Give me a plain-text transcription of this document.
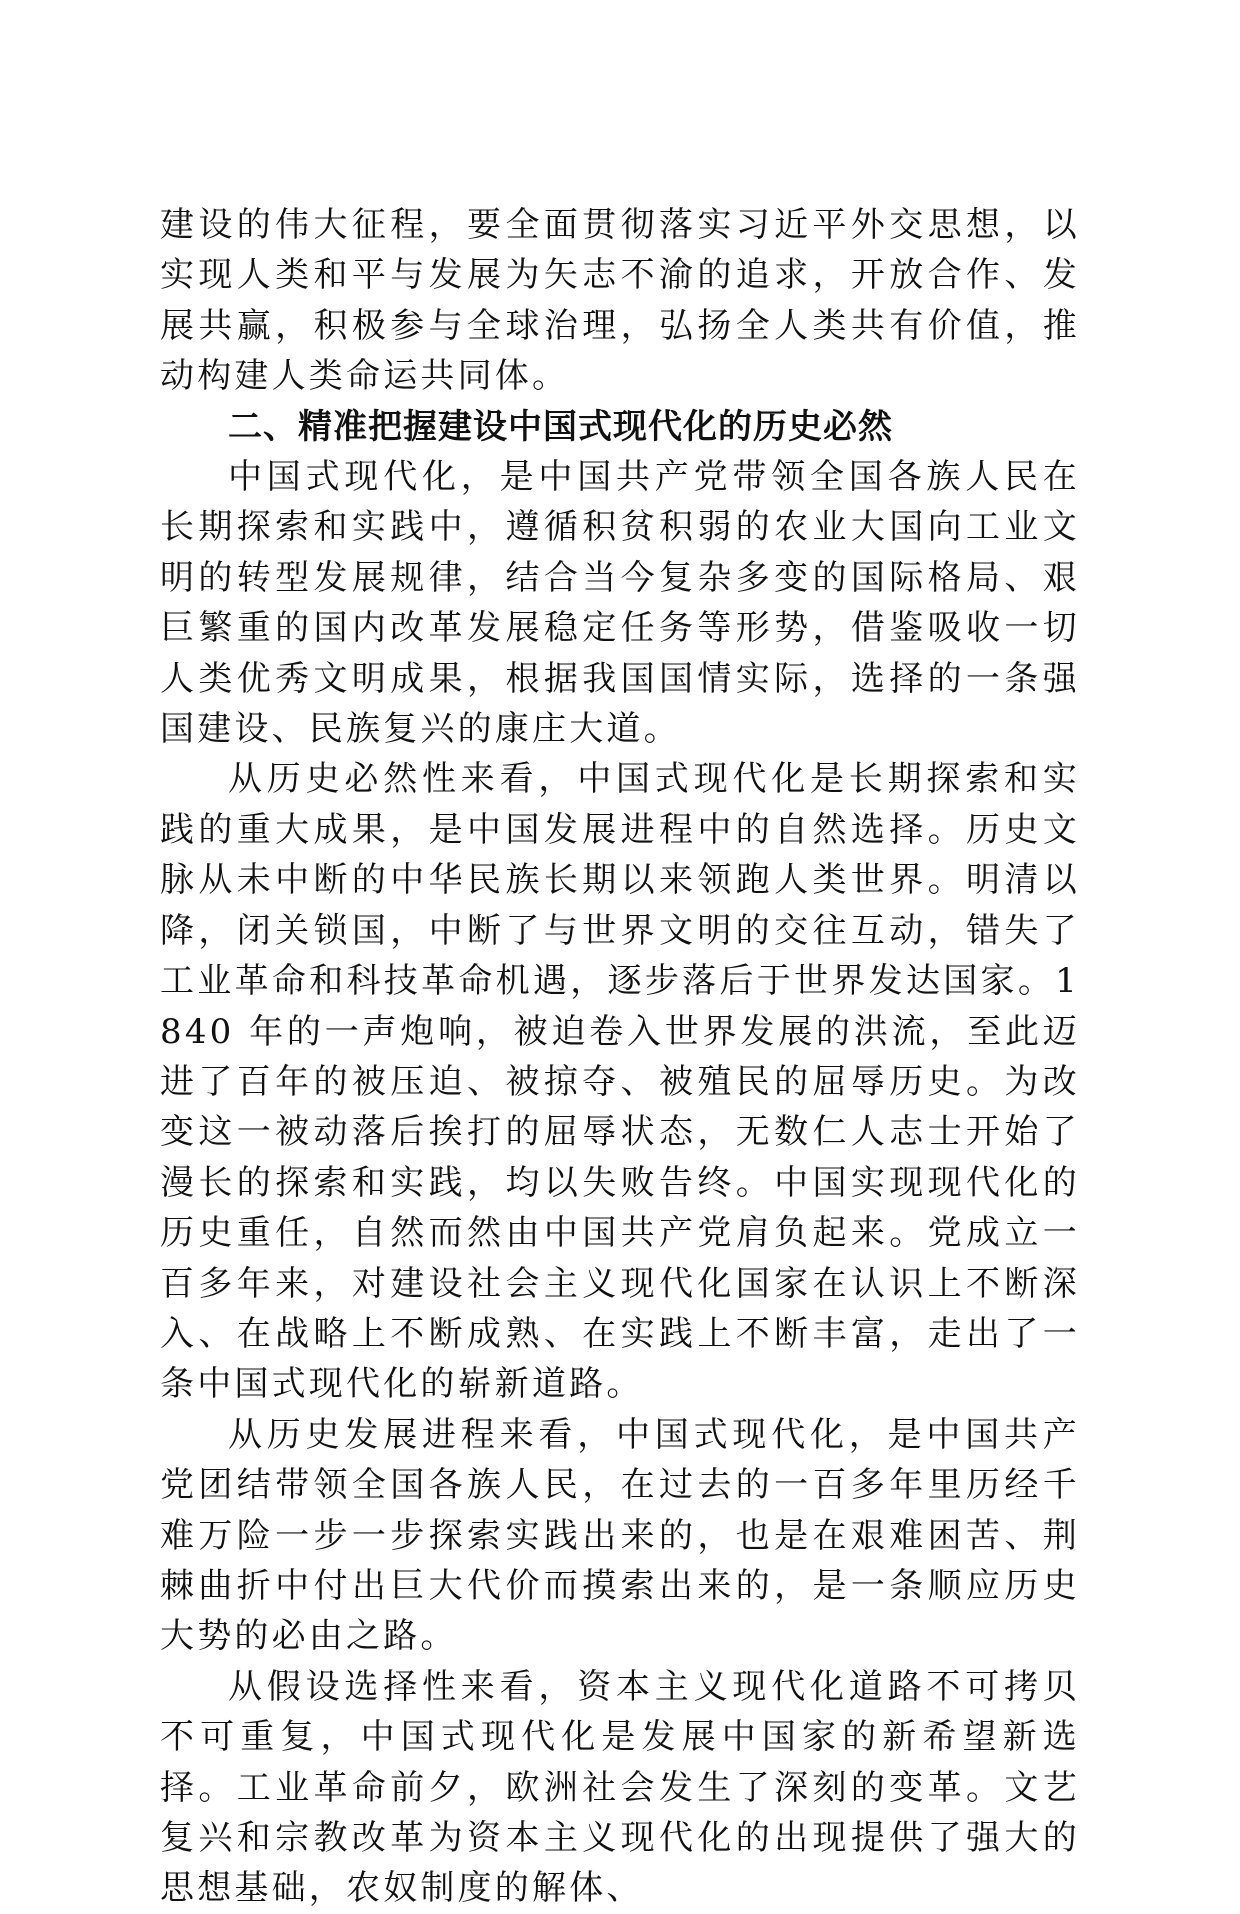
建设的伟大征程，要全面贯彻落实习近平外交思想，以实现人类和平与发展为矢志不渝的追求，开放合作、发展共赢，积极参与全球治理，弘扬全人类共有价值，推动构建人类命运共同体。

二、精准把握建设中国式现代化的历史必然

中国式现代化，是中国共产党带领全国各族人民在长期探索和实践中，遵循积贫积弱的农业大国向工业文明的转型发展规律，结合当今复杂多变的国际格局、艰巨繁重的国内改革发展稳定任务等形势，借鉴吸收一切人类优秀文明成果，根据我国国情实际，选择的一条强国建设、民族复兴的康庄大道。

从历史必然性来看，中国式现代化是长期探索和实践的重大成果，是中国发展进程中的自然选择。历史文脉从未中断的中华民族长期以来领跑人类世界。明清以降，闭关锁国，中断了与世界文明的交往互动，错失了工业革命和科技革命机遇，逐步落后于世界发达国家。1840 年的一声炮响，被迫卷入世界发展的洪流，至此迈进了百年的被压迫、被掠夺、被殖民的屈辱历史。为改变这一被动落后挨打的屈辱状态，无数仁人志士开始了漫长的探索和实践，均以失败告终。中国实现现代化的历史重任，自然而然由中国共产党肩负起来。党成立一百多年来，对建设社会主义现代化国家在认识上不断深入、在战略上不断成熟、在实践上不断丰富，走出了一条中国式现代化的崭新道路。

从历史发展进程来看，中国式现代化，是中国共产党团结带领全国各族人民，在过去的一百多年里历经千难万险一步一步探索实践出来的，也是在艰难困苦、荆棘曲折中付出巨大代价而摸索出来的，是一条顺应历史大势的必由之路。

从假设选择性来看，资本主义现代化道路不可拷贝不可重复，中国式现代化是发展中国家的新希望新选择。工业革命前夕，欧洲社会发生了深刻的变革。文艺复兴和宗教改革为资本主义现代化的出现提供了强大的思想基础，农奴制度的解体、
